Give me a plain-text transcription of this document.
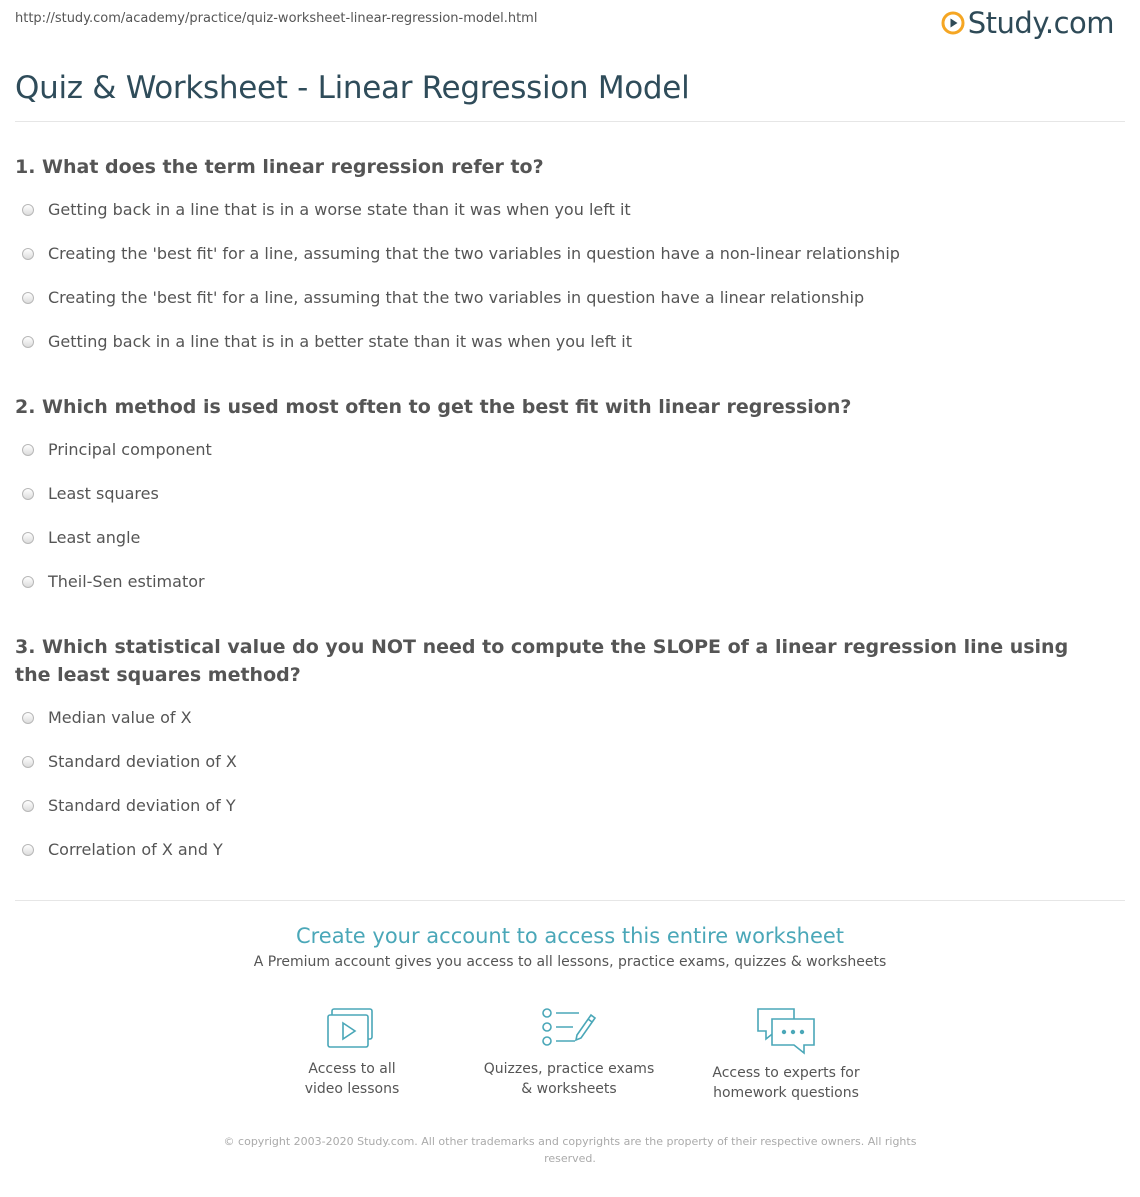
http://study.com/academy/practice/quiz-worksheet-linear-regression-model.html	Study.com
Quiz & Worksheet - Linear Regression Model
1. What does the term linear regression refer to?
Getting back in a line that is in a worse state than it was when you left it
Creating the 'best fit' for a line, assuming that the two variables in question have a non-linear relationship
Creating the 'best fit' for a line, assuming that the two variables in question have a linear relationship
Getting back in a line that is in a better state than it was when you left it
2. Which method is used most often to get the best fit with linear regression?
Principal component
Least squares
Least angle
Theil-Sen estimator
3. Which statistical value do you NOT need to compute the SLOPE of a linear regression line using the least squares method?
Median value of X
Standard deviation of X
Standard deviation of Y
Correlation of X and Y
Create your account to access this entire worksheet
A Premium account gives you access to all lessons, practice exams, quizzes & worksheets
Access to all
video lessons
Quizzes, practice exams
& worksheets
Access to experts for
homework questions
© copyright 2003-2020 Study.com. All other trademarks and copyrights are the property of their respective owners. All rights reserved.
